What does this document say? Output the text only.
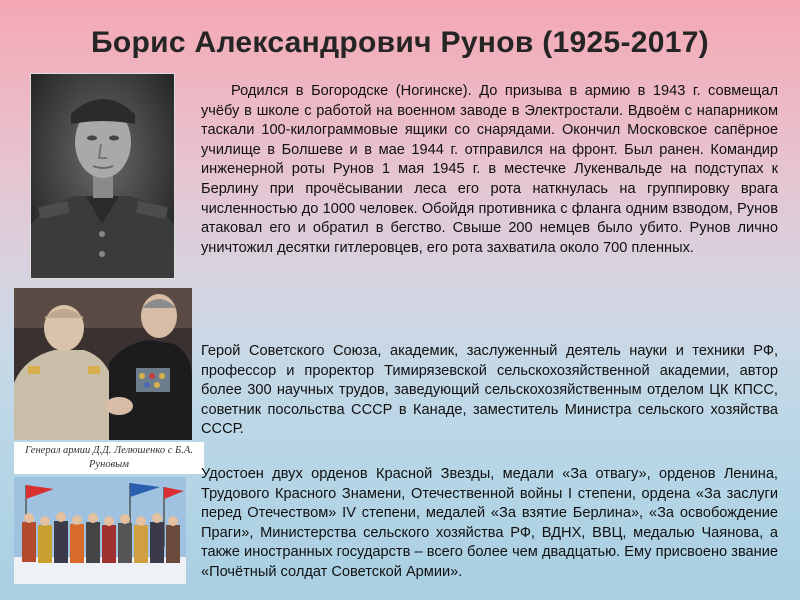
Борис Александрович Рунов (1925-2017)
Генерал армии Д.Д. Лелюшенко с Б.А. Руновым

Родился в Богородске (Ногинске). До призыва в армию в 1943 г. совмещал учёбу в школе с работой на военном заводе в Электростали. Вдвоём с напарником таскали 100-килограммовые ящики со снарядами. Окончил Московское сапёрное училище в Болшеве и в мае 1944 г. отправился на фронт. Был ранен. Командир инженерной роты Рунов 1 мая 1945 г. в местечке Лукенвальде на подступах к Берлину при прочёсывании леса его рота наткнулась на группировку врага численностью до 1000 человек. Обойдя противника с фланга одним взводом, Рунов атаковал его и обратил в бегство. Свыше 200 немцев было убито. Рунов лично уничтожил десятки гитлеровцев, его рота захватила около 700 пленных.

Герой Советского Союза, академик, заслуженный деятель науки и техники РФ, профессор и проректор Тимирязевской сельскохозяйственной академии, автор более 300 научных трудов, заведующий сельскохозяйственным отделом ЦК КПСС, советник посольства СССР в Канаде, заместитель Министра сельского хозяйства СССР.

Удостоен двух орденов Красной Звезды, медали «За отвагу», орденов Ленина, Трудового Красного Знамени, Отечественной войны I степени, ордена «За заслуги перед Отечеством» IV степени, медалей «За взятие Берлина», «За освобождение Праги», Министерства сельского хозяйства РФ, ВДНХ, ВВЦ, медалью Чаянова, а также иностранных государств – всего более чем двадцатью. Ему присвоено звание «Почётный солдат Советской Армии».
